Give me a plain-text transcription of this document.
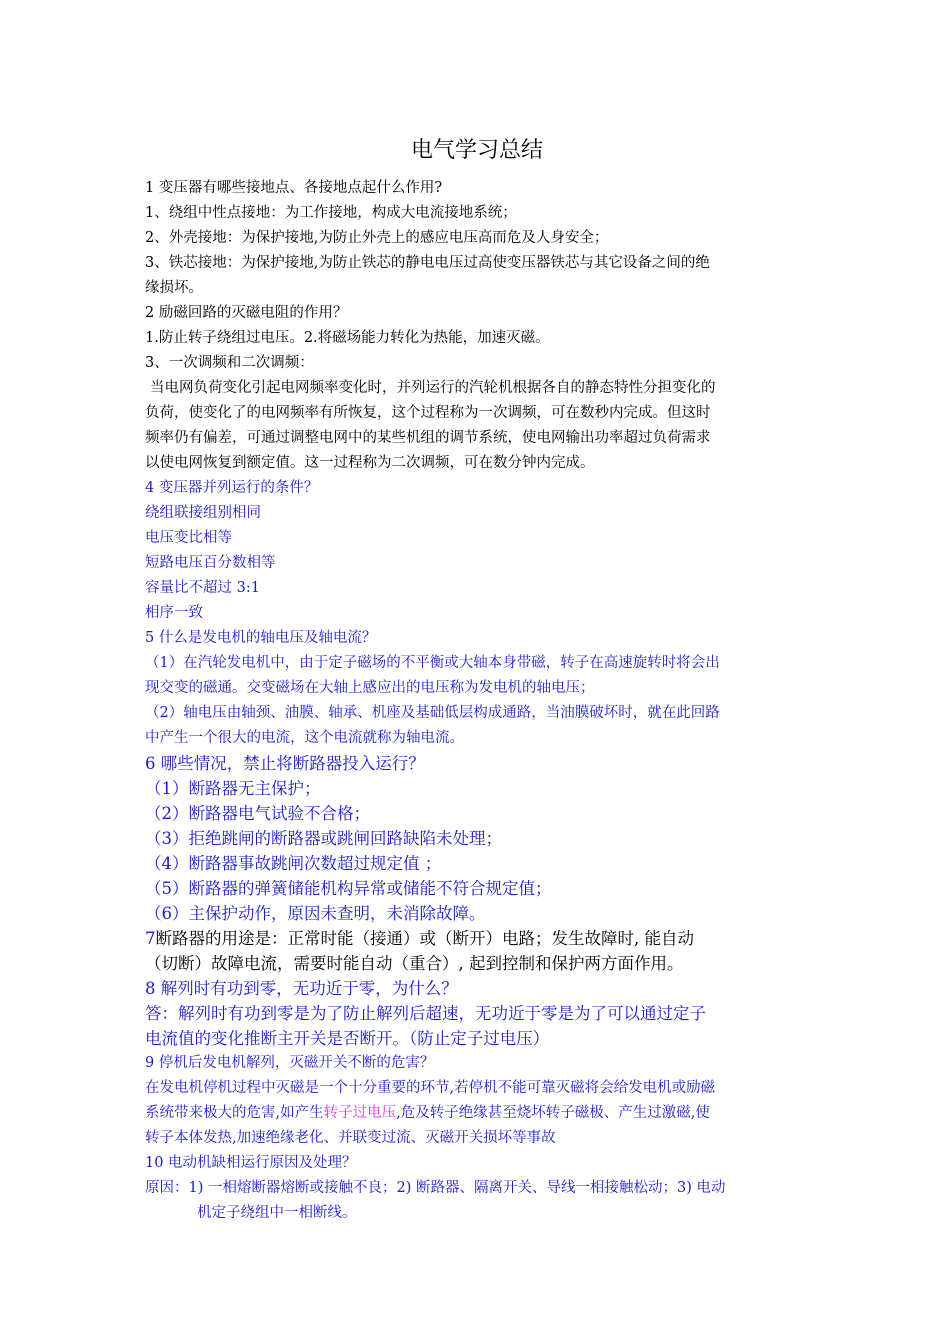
电气学习总结

1 变压器有哪些接地点、各接地点起什么作用?

1、绕组中性点接地：为工作接地，构成大电流接地系统；

2、外壳接地：为保护接地,为防止外壳上的感应电压高而危及人身安全；

3、铁芯接地：为保护接地,为防止铁芯的静电电压过高使变压器铁芯与其它设备之间的绝

缘损坏。

2 励磁回路的灭磁电阻的作用？

1.防止转子绕组过电压。2.将磁场能力转化为热能，加速灭磁。

3、一次调频和二次调频：

当电网负荷变化引起电网频率变化时，并列运行的汽轮机根据各自的静态特性分担变化的

负荷，使变化了的电网频率有所恢复，这个过程称为一次调频，可在数秒内完成。但这时

频率仍有偏差，可通过调整电网中的某些机组的调节系统，使电网输出功率超过负荷需求

以使电网恢复到额定值。这一过程称为二次调频，可在数分钟内完成。

4 变压器并列运行的条件？

绕组联接组别相同

电压变比相等

短路电压百分数相等

容量比不超过 3:1

相序一致

5 什么是发电机的轴电压及轴电流？

（1）在汽轮发电机中，由于定子磁场的不平衡或大轴本身带磁，转子在高速旋转时将会出

现交变的磁通。交变磁场在大轴上感应出的电压称为发电机的轴电压；

（2）轴电压由轴颈、油膜、轴承、机座及基础低层构成通路，当油膜破坏时，就在此回路

中产生一个很大的电流，这个电流就称为轴电流。

6 哪些情况，禁止将断路器投入运行？

（1）断路器无主保护；

（2）断路器电气试验不合格；

（3）拒绝跳闸的断路器或跳闸回路缺陷未处理；

（4）断路器事故跳闸次数超过规定值 ；

（5）断路器的弹簧储能机构异常或储能不符合规定值；

（6）主保护动作，原因未查明，未消除故障。

7断路器的用途是：正常时能（接通）或（断开）电路；发生故障时, 能自动

（切断）故障电流，需要时能自动（重合）, 起到控制和保护两方面作用。

8 解列时有功到零，无功近于零，为什么？

答：解列时有功到零是为了防止解列后超速，无功近于零是为了可以通过定子

电流值的变化推断主开关是否断开。（防止定子过电压）

9 停机后发电机解列，灭磁开关不断的危害？

在发电机停机过程中灭磁是一个十分重要的环节,若停机不能可靠灭磁将会给发电机或励磁

系统带来极大的危害,如产生转子过电压,危及转子绝缘甚至烧坏转子磁极、产生过激磁,使

转子本体发热,加速绝缘老化、并联变过流、灭磁开关损坏等事故

10 电动机缺相运行原因及处理？

原因：1) 一相熔断器熔断或接触不良；2) 断路器、隔离开关、导线一相接触松动；3) 电动

机定子绕组中一相断线。
